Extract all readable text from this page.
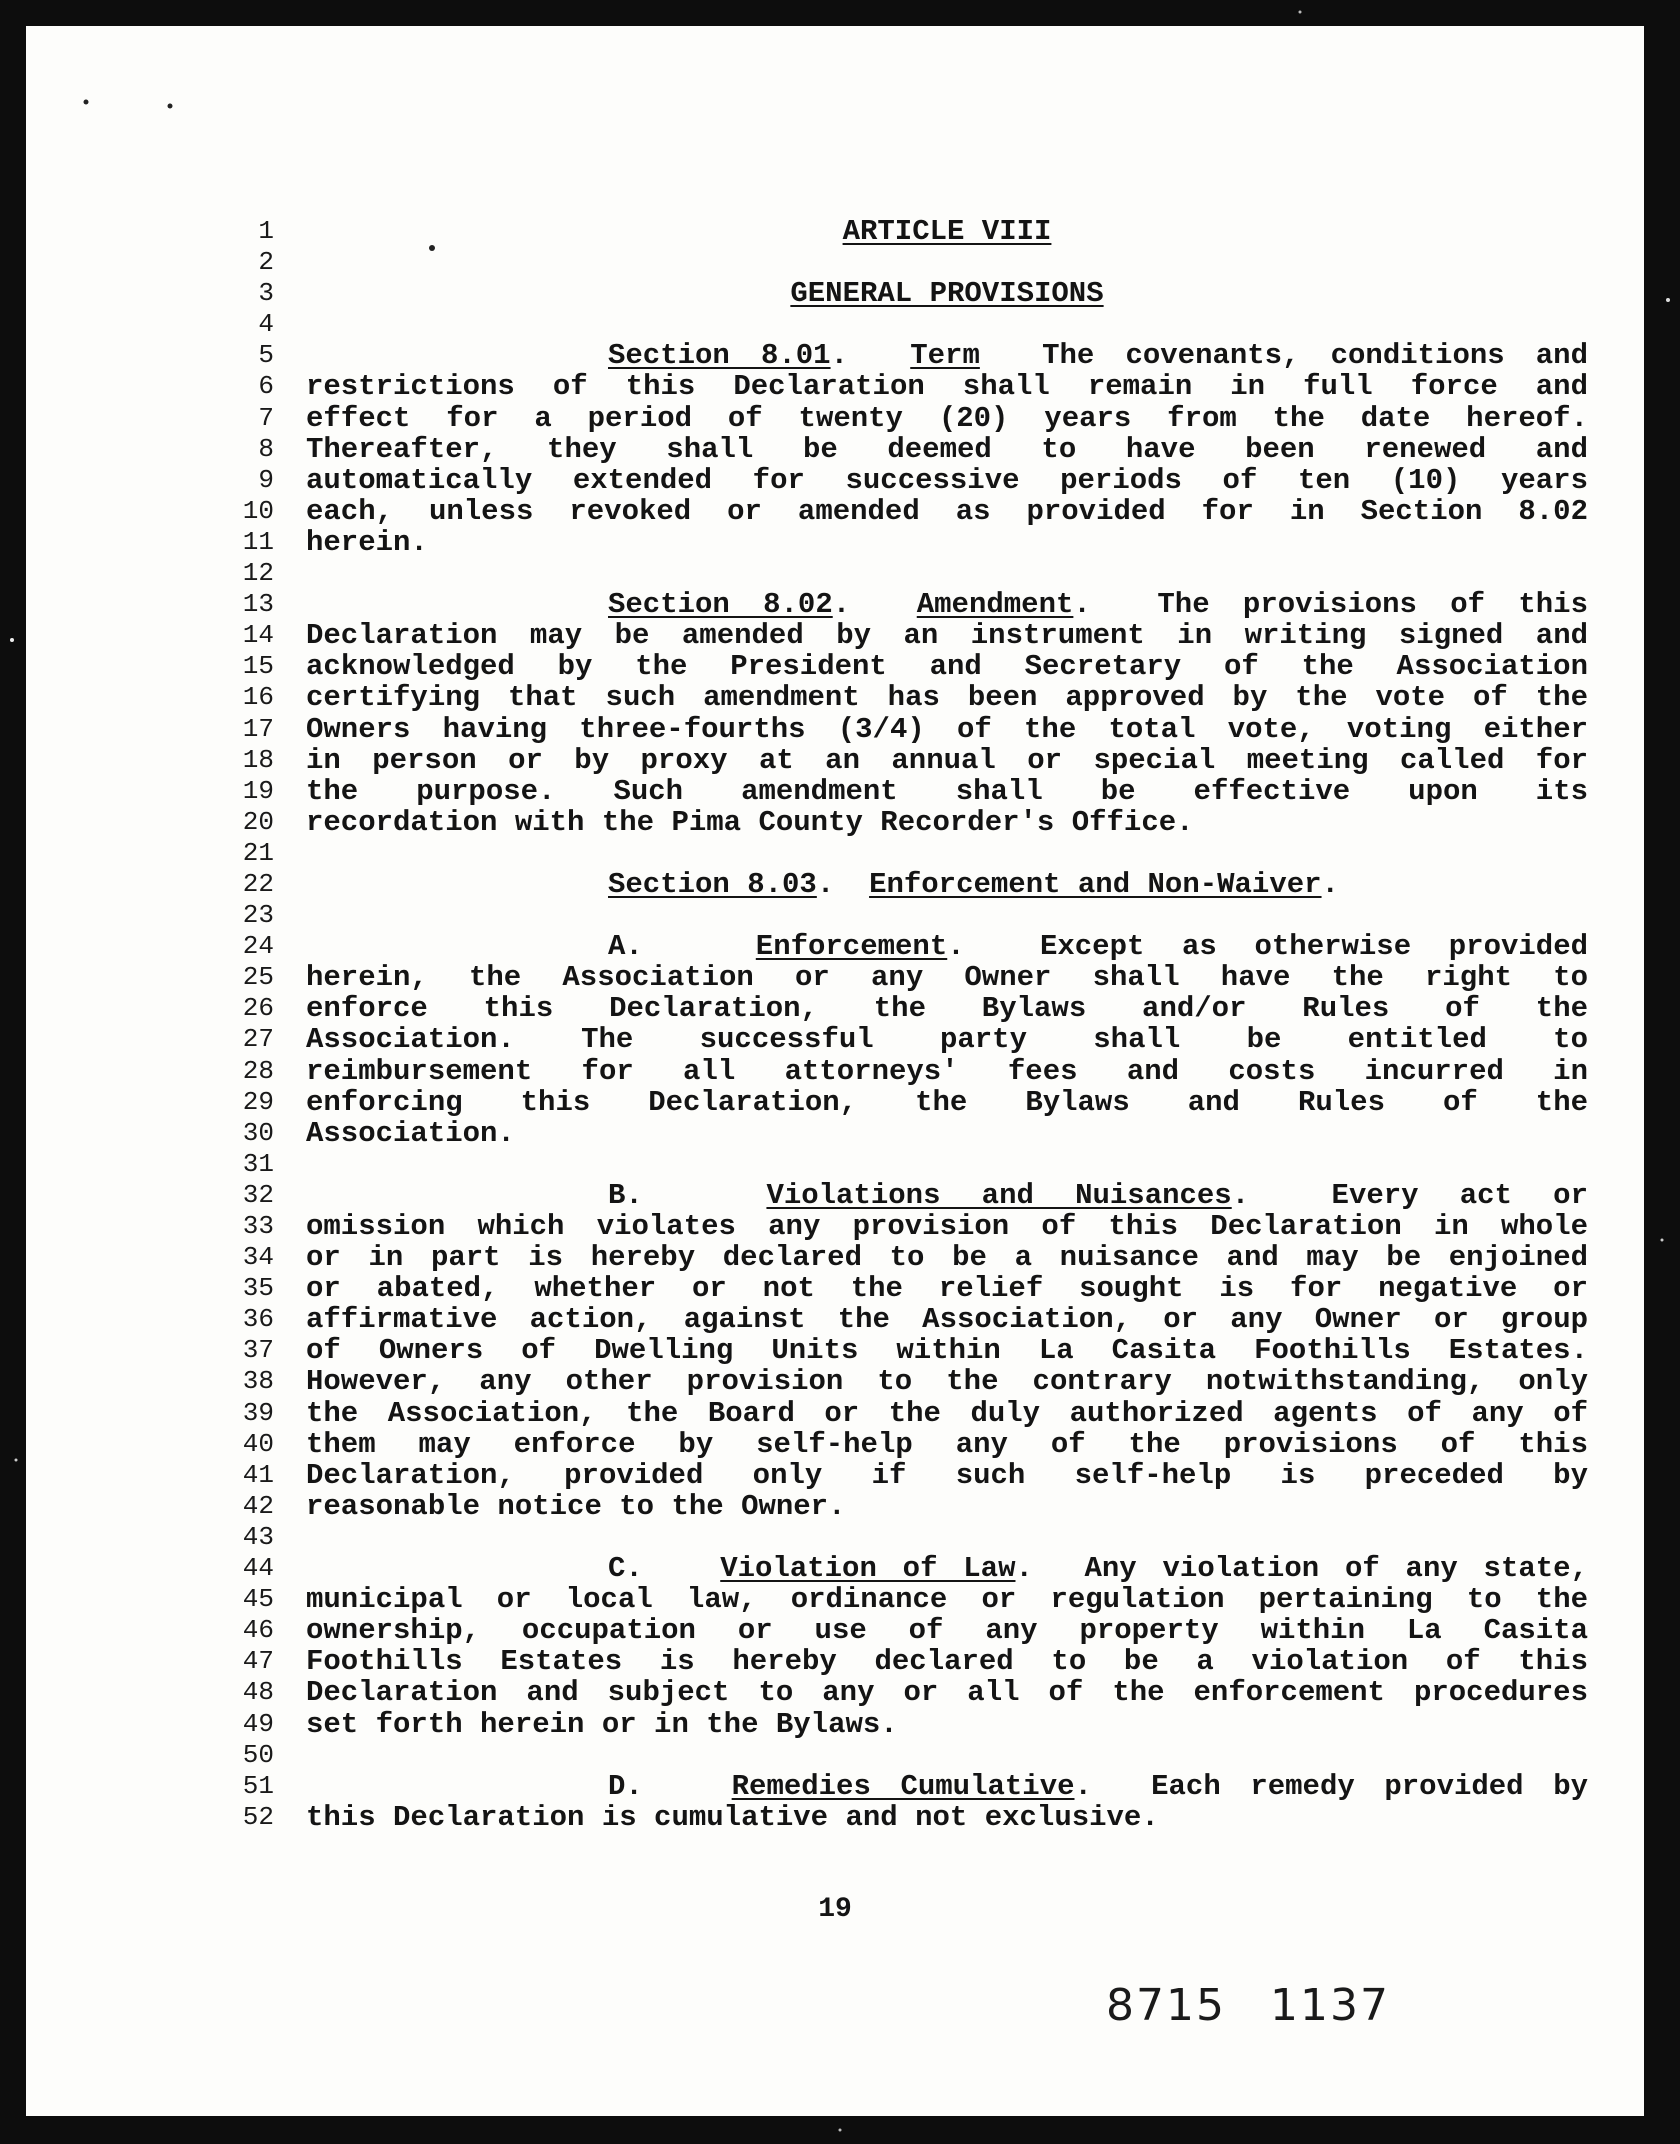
1	ARTICLE VIII
2
3	GENERAL PROVISIONS
4
5	Section 8.01.  Term The covenants, conditions and
6 restrictions of this Declaration shall remain in full force and
7 effect for a period of twenty (20) years from the date hereof.
8 Thereafter, they shall be deemed to have been renewed and
9 automatically extended for successive periods of ten (10) years
10 each, unless revoked or amended as provided for in Section 8.02
11 herein.
12
13	Section 8.02.  Amendment.  The provisions of this
14 Declaration may be amended by an instrument in writing signed and
15 acknowledged by the President and Secretary of the Association
16 certifying that such amendment has been approved by the vote of the
17 Owners having three-fourths (3/4) of the total vote, voting either
18 in person or by proxy at an annual or special meeting called for
19 the purpose. Such amendment shall be effective upon its
20 recordation with the Pima County Recorder's Office.
21
22	Section 8.03.  Enforcement and Non-Waiver.
23
24	A.	Enforcement.  Except as otherwise provided
25 herein, the Association or any Owner shall have the right to
26 enforce this Declaration, the Bylaws and/or Rules of the
27 Association. The successful party shall be entitled to
28 reimbursement for all attorneys' fees and costs incurred in
29 enforcing this Declaration, the Bylaws and Rules of the
30 Association.
31
32	B.	Violations and Nuisances.  Every act or
33 omission which violates any provision of this Declaration in whole
34 or in part is hereby declared to be a nuisance and may be enjoined
35 or abated, whether or not the relief sought is for negative or
36 affirmative action, against the Association, or any Owner or group
37 of Owners of Dwelling Units within La Casita Foothills Estates.
38 However, any other provision to the contrary notwithstanding, only
39 the Association, the Board or the duly authorized agents of any of
40 them may enforce by self-help any of the provisions of this
41 Declaration, provided only if such self-help is preceded by
42 reasonable notice to the Owner.
43
44	C.	Violation of Law.  Any violation of any state,
45 municipal or local law, ordinance or regulation pertaining to the
46 ownership, occupation or use of any property within La Casita
47 Foothills Estates is hereby declared to be a violation of this
48 Declaration and subject to any or all of the enforcement procedures
49 set forth herein or in the Bylaws.
50
51	D.	Remedies Cumulative.  Each remedy provided by
52 this Declaration is cumulative and not exclusive.
19
8715 1137
